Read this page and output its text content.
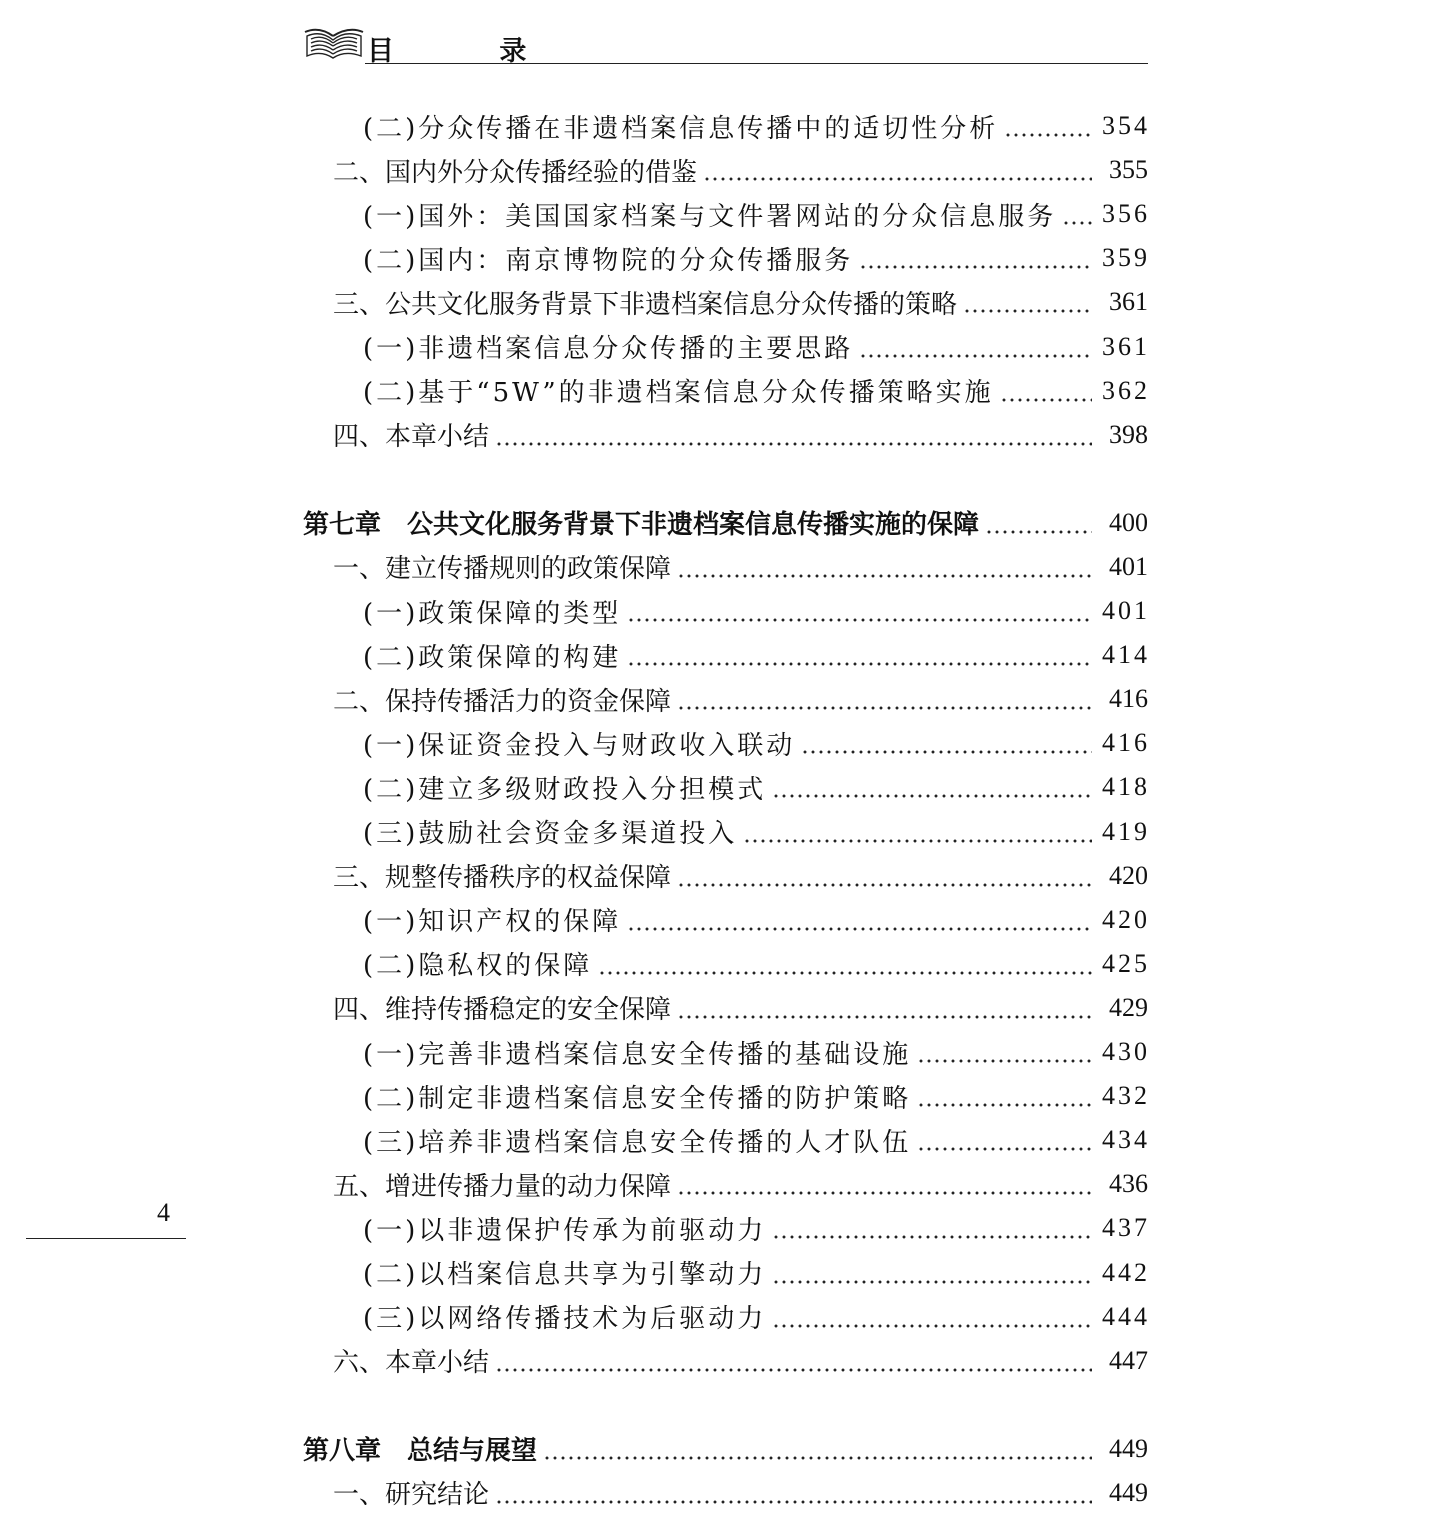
目 录
(二)分众传播在非遗档案信息传播中的适切性分析	354
二、国内外分众传播经验的借鉴	355
(一)国外：美国国家档案与文件署网站的分众信息服务 356
(二)国内：南京博物院的分众传播服务	359
三、公共文化服务背景下非遗档案信息分众传播的策略	361
(一)非遗档案信息分众传播的主要思路	361
(二)基于“5W”的非遗档案信息分众传播策略实施	362
四、本章小结	398
第七章　公共文化服务背景下非遗档案信息传播实施的保障	400
一、建立传播规则的政策保障	401
(一)政策保障的类型	401
(二)政策保障的构建	414
二、保持传播活力的资金保障	416
(一)保证资金投入与财政收入联动	416
(二)建立多级财政投入分担模式	418
(三)鼓励社会资金多渠道投入	419
三、规整传播秩序的权益保障	420
(一)知识产权的保障	420
(二)隐私权的保障	425
四、维持传播稳定的安全保障	429
(一)完善非遗档案信息安全传播的基础设施	430
(二)制定非遗档案信息安全传播的防护策略	432
(三)培养非遗档案信息安全传播的人才队伍	434
五、增进传播力量的动力保障	436
(一)以非遗保护传承为前驱动力	437
(二)以档案信息共享为引擎动力	442
(三)以网络传播技术为后驱动力	444
六、本章小结	447
第八章　总结与展望	449
一、研究结论	449
4
